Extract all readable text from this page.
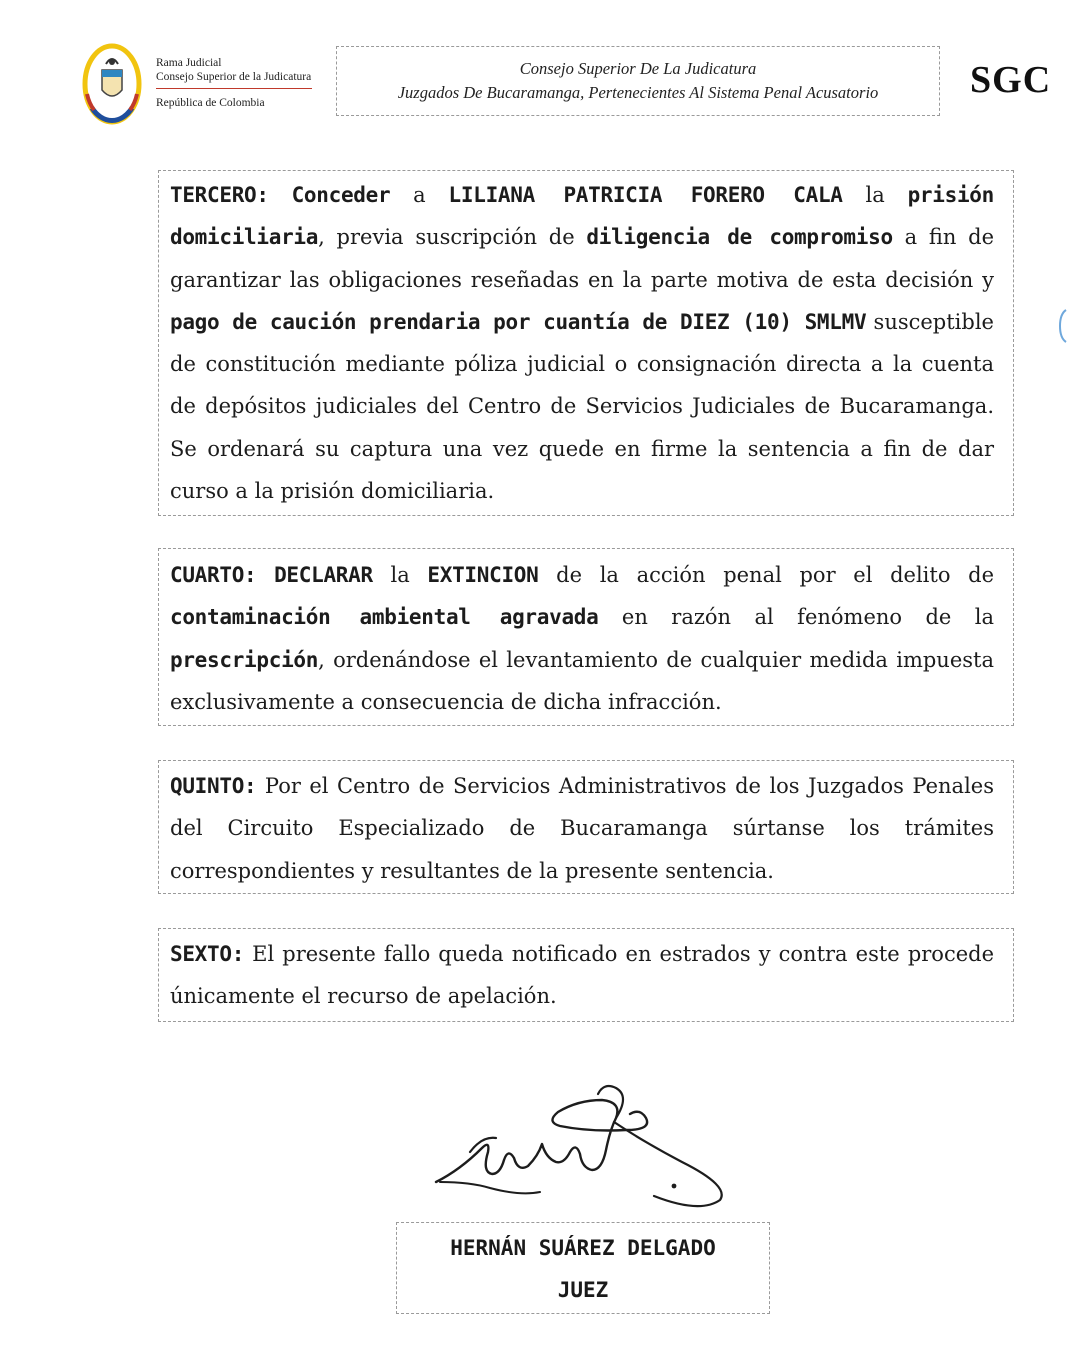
Rama Judicial
Consejo Superior de la Judicatura
República de Colombia
Consejo Superior De La Judicatura
Juzgados De Bucaramanga, Pertenecientes Al Sistema Penal Acusatorio	SGC

TERCERO: Conceder a LILIANA PATRICIA FORERO CALA la prisión domiciliaria, previa suscripción de diligencia de compromiso a fin de garantizar las obligaciones reseñadas en la parte motiva de esta decisión y pago de caución prendaria por cuantía de DIEZ (10) SMLMV susceptible de constitución mediante póliza judicial o consignación directa a la cuenta de depósitos judiciales del Centro de Servicios Judiciales de Bucaramanga. Se ordenará su captura una vez quede en firme la sentencia a fin de dar curso a la prisión domiciliaria.

CUARTO: DECLARAR la EXTINCION de la acción penal por el delito de contaminación ambiental agravada en razón al fenómeno de la prescripción, ordenándose el levantamiento de cualquier medida impuesta exclusivamente a consecuencia de dicha infracción.

QUINTO: Por el Centro de Servicios Administrativos de los Juzgados Penales del Circuito Especializado de Bucaramanga súrtanse los trámites correspondientes y resultantes de la presente sentencia.

SEXTO: El presente fallo queda notificado en estrados y contra este procede únicamente el recurso de apelación.

HERNÁN SUÁREZ DELGADO
JUEZ
